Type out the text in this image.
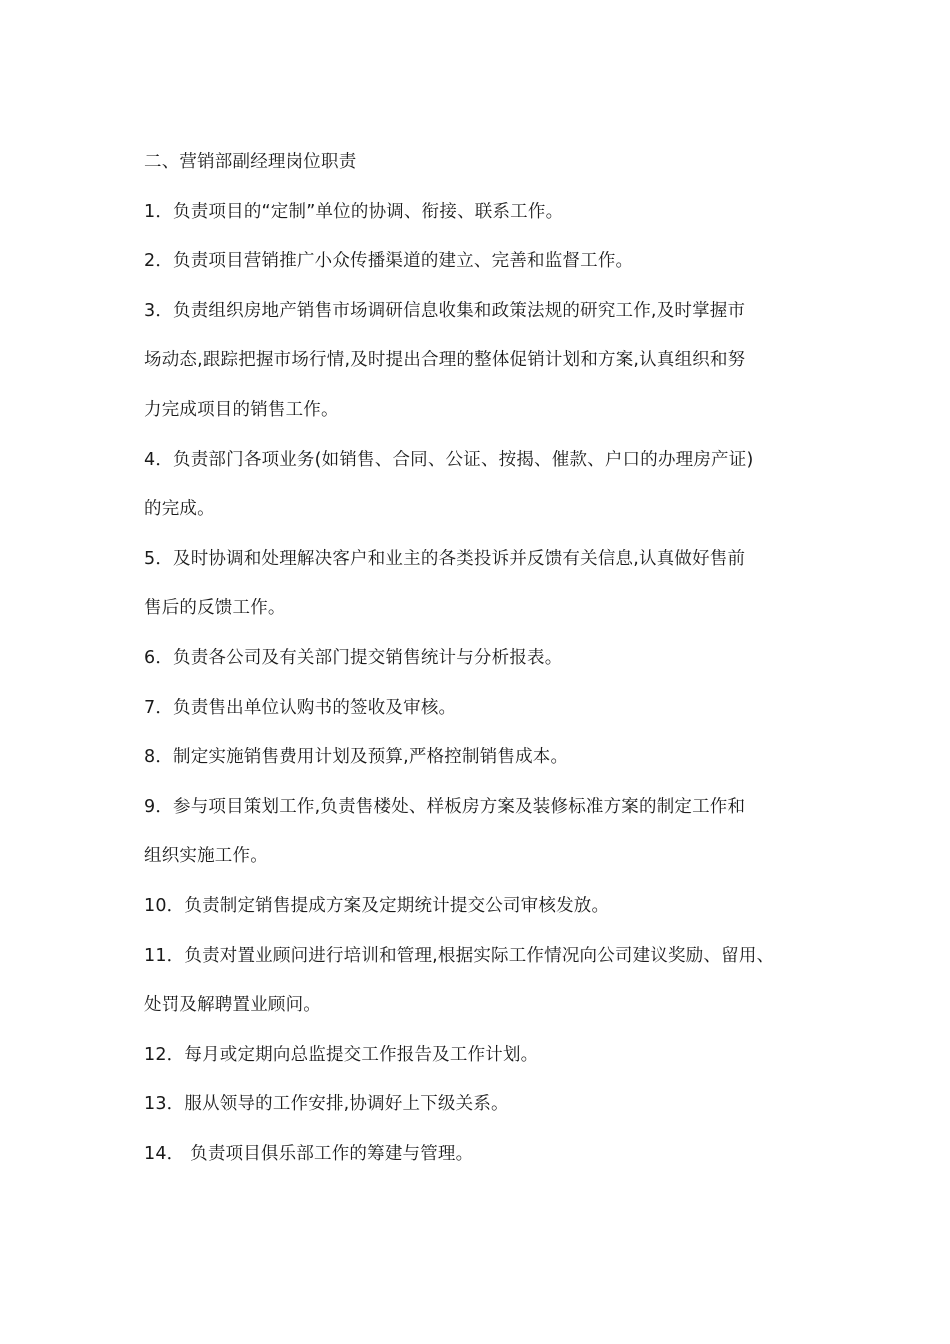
二、营销部副经理岗位职责
1．负责项目的“定制”单位的协调、衔接、联系工作。
2．负责项目营销推广小众传播渠道的建立、完善和监督工作。
3．负责组织房地产销售市场调研信息收集和政策法规的研究工作,及时掌握市
场动态,跟踪把握市场行情,及时提出合理的整体促销计划和方案,认真组织和努
力完成项目的销售工作。
4．负责部门各项业务(如销售、合同、公证、按揭、催款、户口的办理房产证)
的完成。
5．及时协调和处理解决客户和业主的各类投诉并反馈有关信息,认真做好售前
售后的反馈工作。
6．负责各公司及有关部门提交销售统计与分析报表。
7．负责售出单位认购书的签收及审核。
8．制定实施销售费用计划及预算,严格控制销售成本。
9．参与项目策划工作,负责售楼处、样板房方案及装修标准方案的制定工作和
组织实施工作。
10．负责制定销售提成方案及定期统计提交公司审核发放。
11．负责对置业顾问进行培训和管理,根据实际工作情况向公司建议奖励、留用、
处罚及解聘置业顾问。
12．每月或定期向总监提交工作报告及工作计划。
13．服从领导的工作安排,协调好上下级关系。
14． 负责项目俱乐部工作的筹建与管理。
